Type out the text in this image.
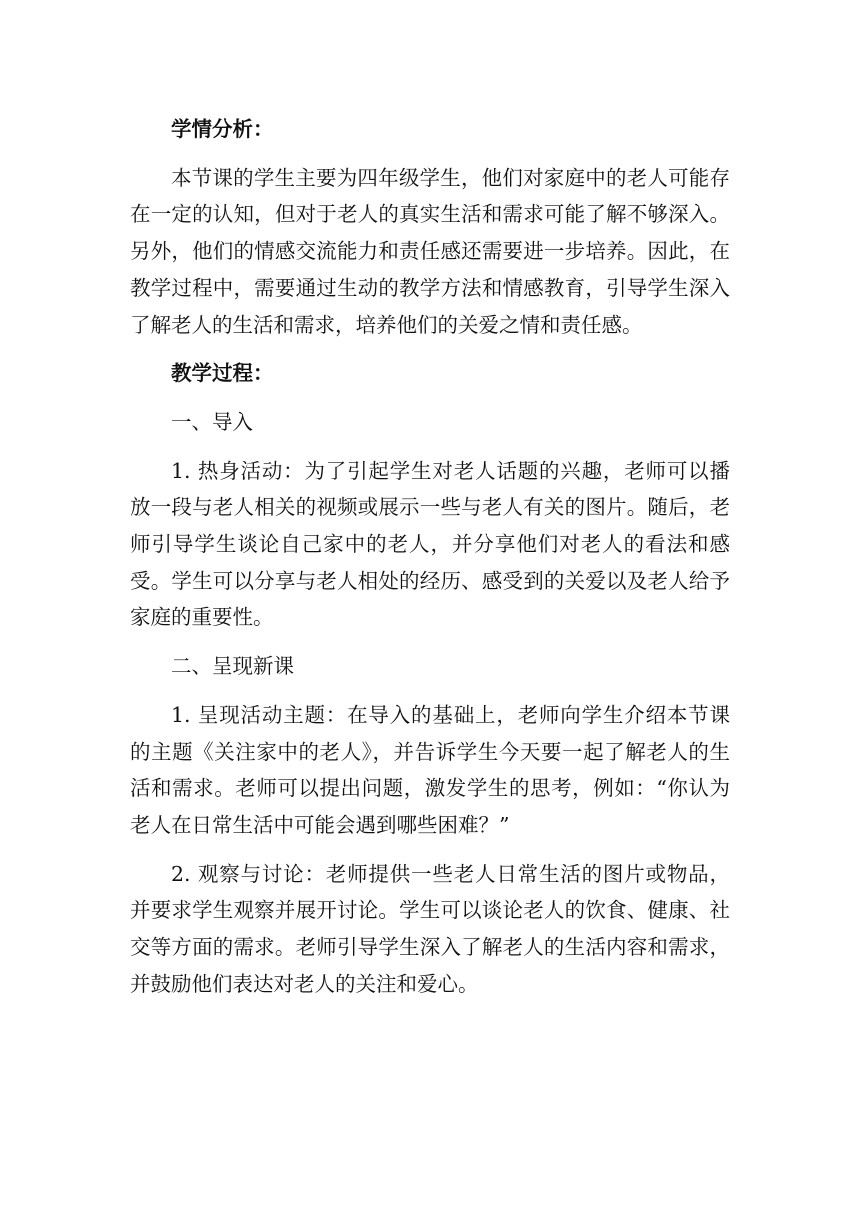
学情分析：

本节课的学生主要为四年级学生，他们对家庭中的老人可能存在一定的认知，但对于老人的真实生活和需求可能了解不够深入。另外，他们的情感交流能力和责任感还需要进一步培养。因此，在教学过程中，需要通过生动的教学方法和情感教育，引导学生深入了解老人的生活和需求，培养他们的关爱之情和责任感。

教学过程：

一、导入

1. 热身活动：为了引起学生对老人话题的兴趣，老师可以播放一段与老人相关的视频或展示一些与老人有关的图片。随后，老师引导学生谈论自己家中的老人，并分享他们对老人的看法和感受。学生可以分享与老人相处的经历、感受到的关爱以及老人给予家庭的重要性。

二、呈现新课

1. 呈现活动主题：在导入的基础上，老师向学生介绍本节课的主题《关注家中的老人》，并告诉学生今天要一起了解老人的生活和需求。老师可以提出问题，激发学生的思考，例如：“你认为老人在日常生活中可能会遇到哪些困难？”

2. 观察与讨论：老师提供一些老人日常生活的图片或物品，并要求学生观察并展开讨论。学生可以谈论老人的饮食、健康、社交等方面的需求。老师引导学生深入了解老人的生活内容和需求，并鼓励他们表达对老人的关注和爱心。
